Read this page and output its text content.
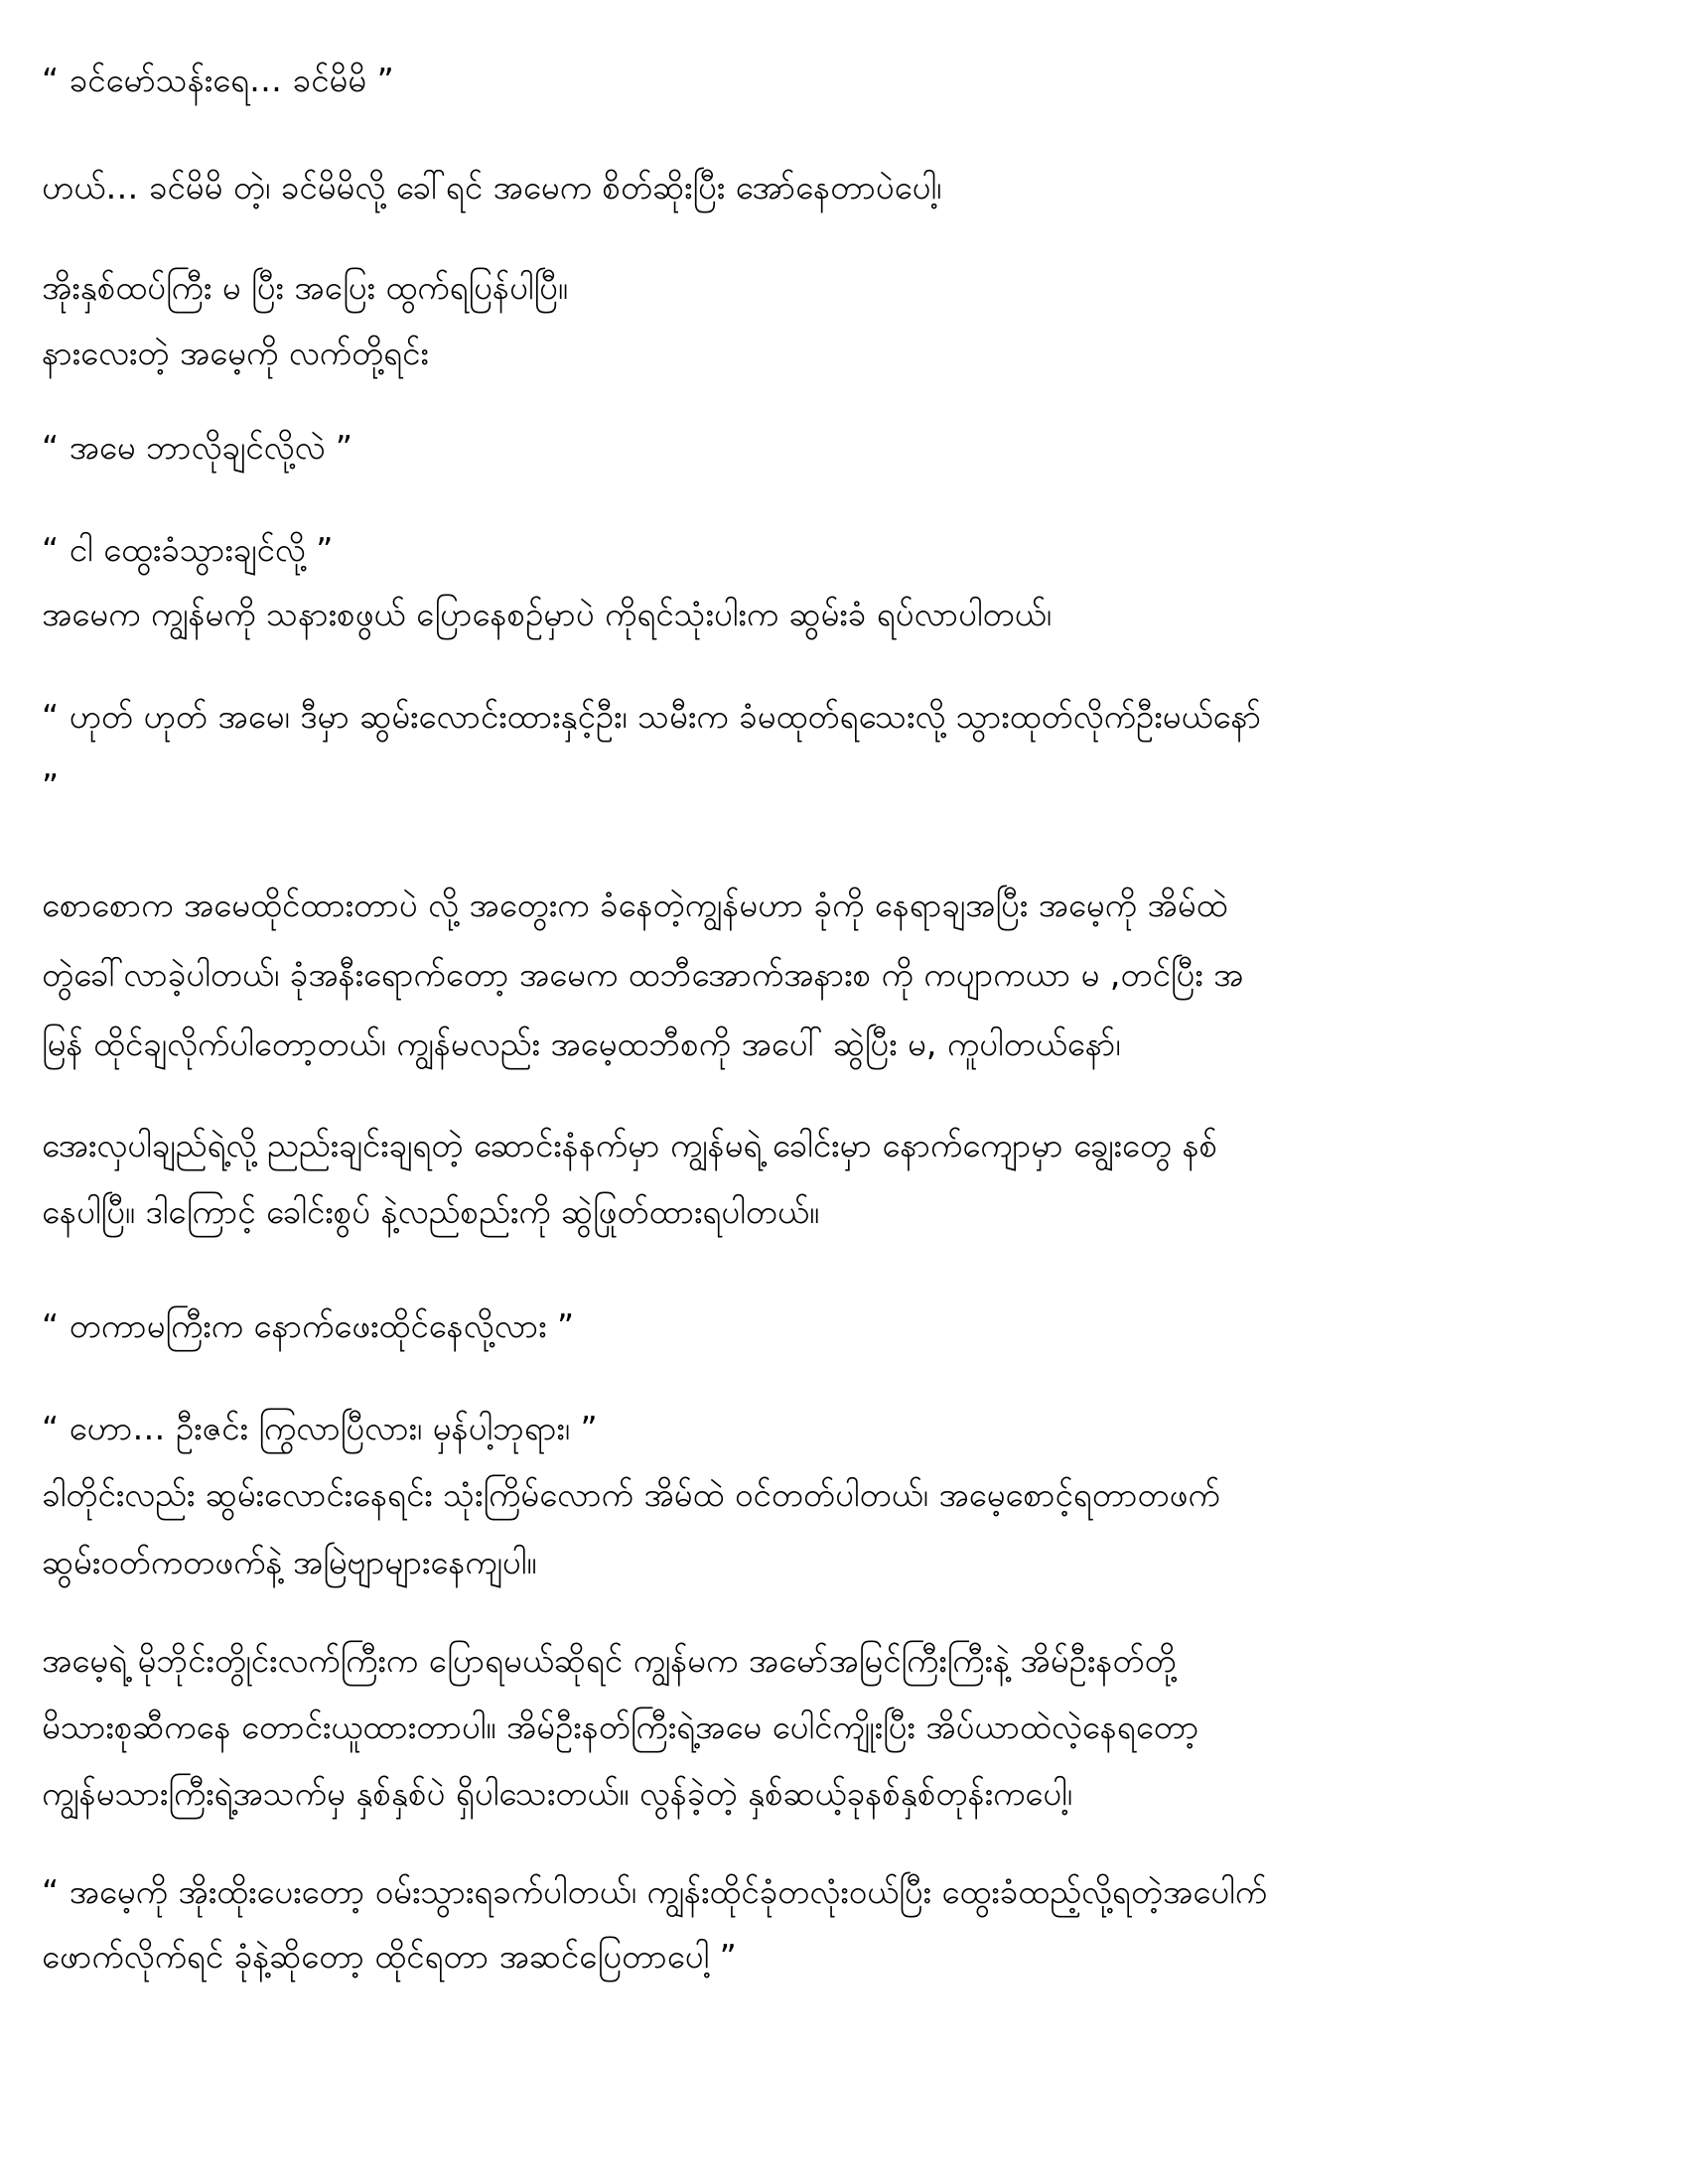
“ ခင်မော်သန်းရေ… ခင်မိမိ ”
ဟယ်… ခင်မိမိ တဲ့၊ ခင်မိမိလို့ ခေါ်ရင် အမေက စိတ်ဆိုးပြီး အော်နေတာပဲပေါ့၊
အိုးနှစ်ထပ်ကြီး မ ပြီး အပြေး ထွက်ရပြန်ပါပြီ။
နားလေးတဲ့ အမေ့ကို လက်တို့ရင်း
“ အမေ ဘာလိုချင်လို့လဲ ”
“ ငါ ထွေးခံသွားချင်လို့ ”
အမေက ကျွန်မကို သနားစဖွယ် ပြောနေစဉ်မှာပဲ ကိုရင်သုံးပါးက ဆွမ်းခံ ရပ်လာပါတယ်၊
“ ဟုတ် ဟုတ် အမေ၊ ဒီမှာ ဆွမ်းလောင်းထားနှင့်ဦး၊ သမီးက ခံမထုတ်ရသေးလို့ သွားထုတ်လိုက်ဦးမယ်နော်
”
စောစောက အမေထိုင်ထားတာပဲ လို့ အတွေးက ခံနေတဲ့ကျွန်မဟာ ခုံကို နေရာချအပြီး အမေ့ကို အိမ်ထဲ
တွဲခေါ်လာခဲ့ပါတယ်၊ ခုံအနီးရောက်တော့ အမေက ထဘီအောက်အနားစ ကို ကပျာကယာ မ ,တင်ပြီး အ
မြန် ထိုင်ချလိုက်ပါတော့တယ်၊ ကျွန်မလည်း အမေ့ထဘီစကို အပေါ် ဆွဲပြီး မ, ကူပါတယ်နော်၊
အေးလှပါချည်ရဲ့လို့ ညည်းချင်းချရတဲ့ ဆောင်းနံနက်မှာ ကျွန်မရဲ့ ခေါင်းမှာ နောက်ကျောမှာ ချွေးတွေ နစ်
နေပါပြီ။ ဒါကြောင့် ခေါင်းစွပ် နဲ့လည်စည်းကို ဆွဲဖြုတ်ထားရပါတယ်။
“ တကာမကြီးက နောက်ဖေးထိုင်နေလို့လား ”
“ ဟော… ဦးဇင်း ကြွလာပြီလား၊ မှန်ပါ့ဘုရား၊ ”
ခါတိုင်းလည်း ဆွမ်းလောင်းနေရင်း သုံးကြိမ်လောက် အိမ်ထဲ ဝင်တတ်ပါတယ်၊ အမေ့စောင့်ရတာတဖက်
ဆွမ်းဝတ်ကတဖက်နဲ့ အမြဲဗျာများနေကျပါ။
အမေ့ရဲ့ မိုဘိုင်းတွိုင်းလက်ကြီးက ပြောရမယ်ဆိုရင် ကျွန်မက အမော်အမြင်ကြီးကြီးနဲ့ အိမ်ဦးနတ်တို့
မိသားစုဆီကနေ တောင်းယူထားတာပါ။ အိမ်ဦးနတ်ကြီးရဲ့အမေ ပေါင်ကျိုးပြီး အိပ်ယာထဲလဲ့နေရတော့
ကျွန်မသားကြီးရဲ့အသက်မှ နှစ်နှစ်ပဲ ရှိပါသေးတယ်။ လွန်ခဲ့တဲ့ နှစ်ဆယ့်ခုနစ်နှစ်တုန်းကပေါ့၊
“ အမေ့ကို အိုးထိုးပေးတော့ ဝမ်းသွားရခက်ပါတယ်၊ ကျွန်းထိုင်ခုံတလုံးဝယ်ပြီး ထွေးခံထည့်လို့ရတဲ့အပေါက်
ဖောက်လိုက်ရင် ခုံနဲ့ဆိုတော့ ထိုင်ရတာ အဆင်ပြေတာပေါ့ ”
